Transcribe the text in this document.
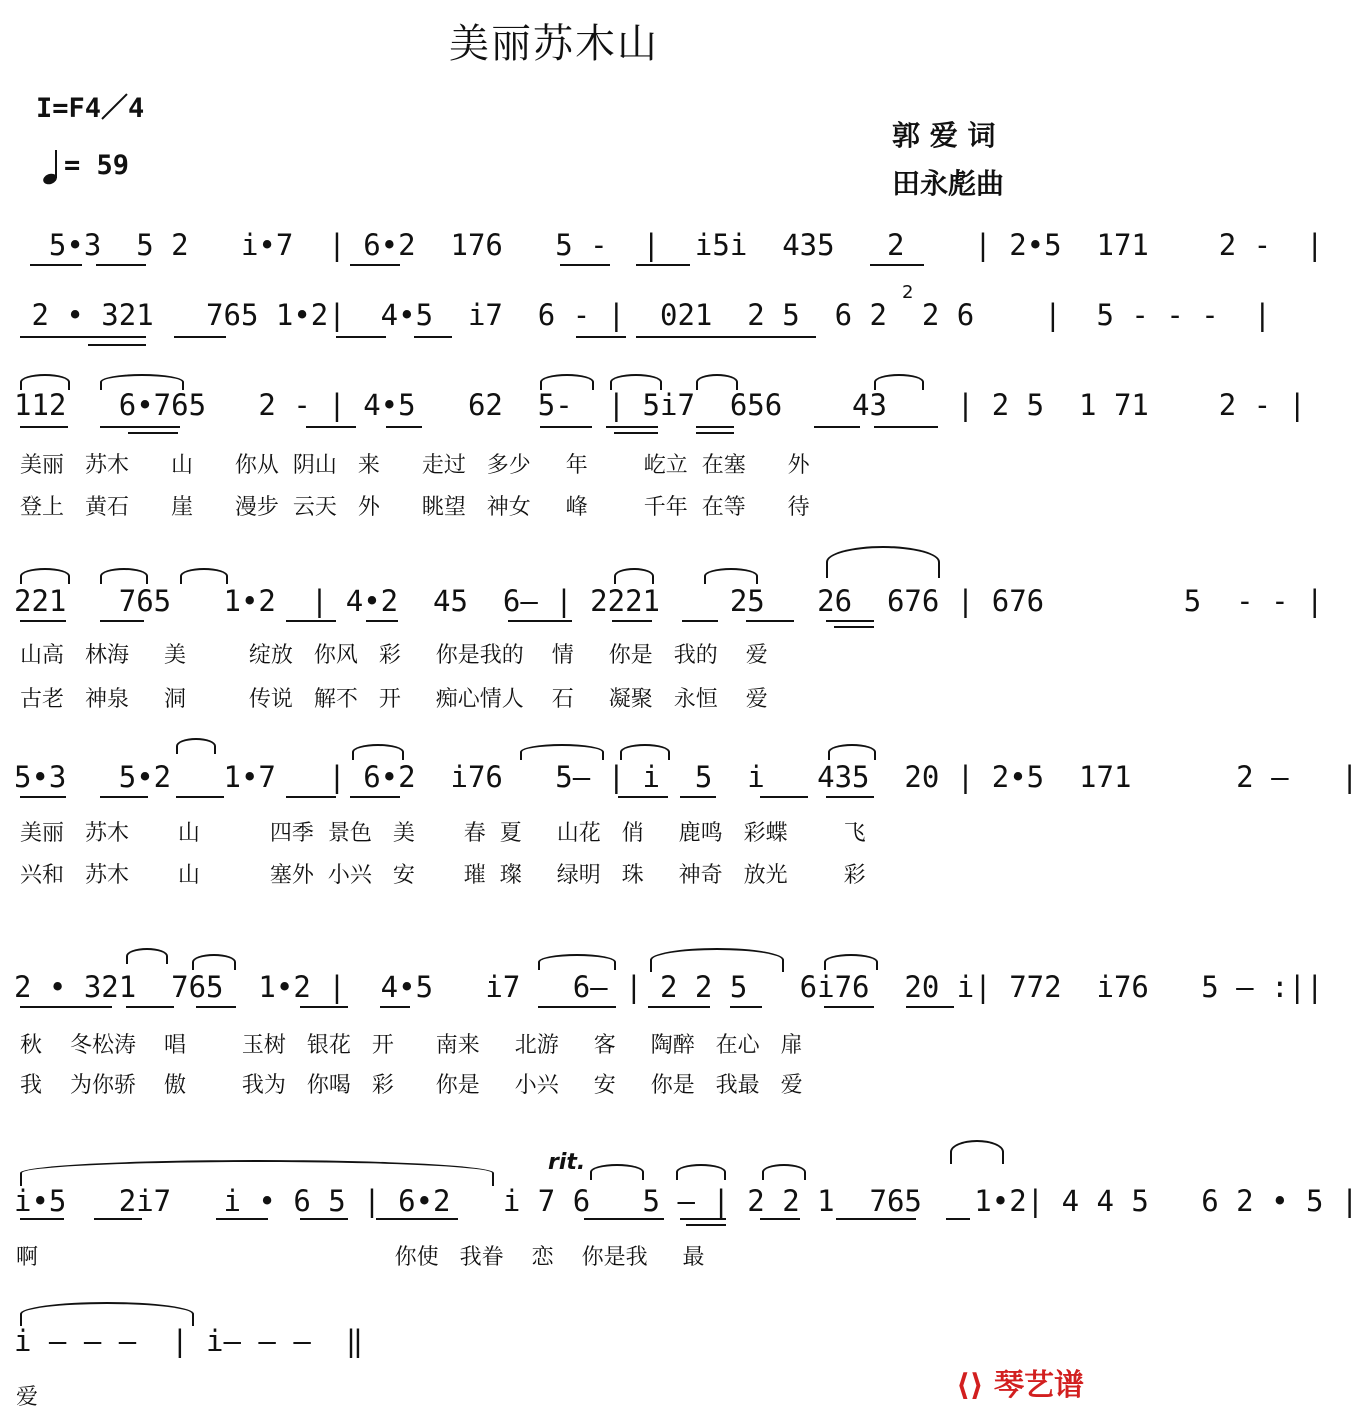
美丽苏木山
I=F4／4
= 59
郭 爱 词
田永彪曲
5•3  5 2   i•7  | 6•2  176   5 -  |  i5i  435   2    | 2•5  171    2 -  |
2 • 321   765 1•2|  4•5  i7  6 - |  021  2 5  6 2  2 6    |  5 - - -  |
2
112   6•765   2 - | 4•5   62  5-  | 5i7  656    43    | 2 5  1 71    2 - |
美丽   苏木      山      你从  阴山   来      走过   多少     年        屹立  在塞      外
登上   黄石      崖      漫步  云天   外      眺望   神女     峰        千年  在等      待
221   765   1•2  | 4•2  45  6— | 2221    25   26  676 | 676        5  - - |
山高   林海     美         绽放   你风   彩     你是我的    情     你是   我的    爱
古老   神泉     洞         传说   解不   开     痴心情人    石     凝聚   永恒    爱
5•3   5•2   1•7   | 6•2  i76   5— | i  5  i   435  20 | 2•5  171      2 —   |
美丽   苏木       山          四季  景色   美       春  夏     山花   俏     鹿鸣   彩蝶        飞
兴和   苏木       山          塞外  小兴   安       璀  璨     绿明   珠     神奇   放光        彩
2 • 321  765  1•2 |  4•5   i7   6— | 2 2 5   6i76  20 i| 772  i76   5 — :||
秋    冬松涛    唱        玉树   银花   开      南来     北游     客     陶醉   在心   扉
我    为你骄    傲        我为   你喝   彩      你是     小兴     安     你是   我最   爱
rit.
i•5   2i7   i • 6 5 | 6•2   i 7 6   5 — | 2 2 1  765   1•2| 4 4 5   6 2 • 5 |
啊                                                   你使   我眷    恋    你是我     最
i — — —  | i— — —  ‖
爱	⟨⟩ 琴艺谱
